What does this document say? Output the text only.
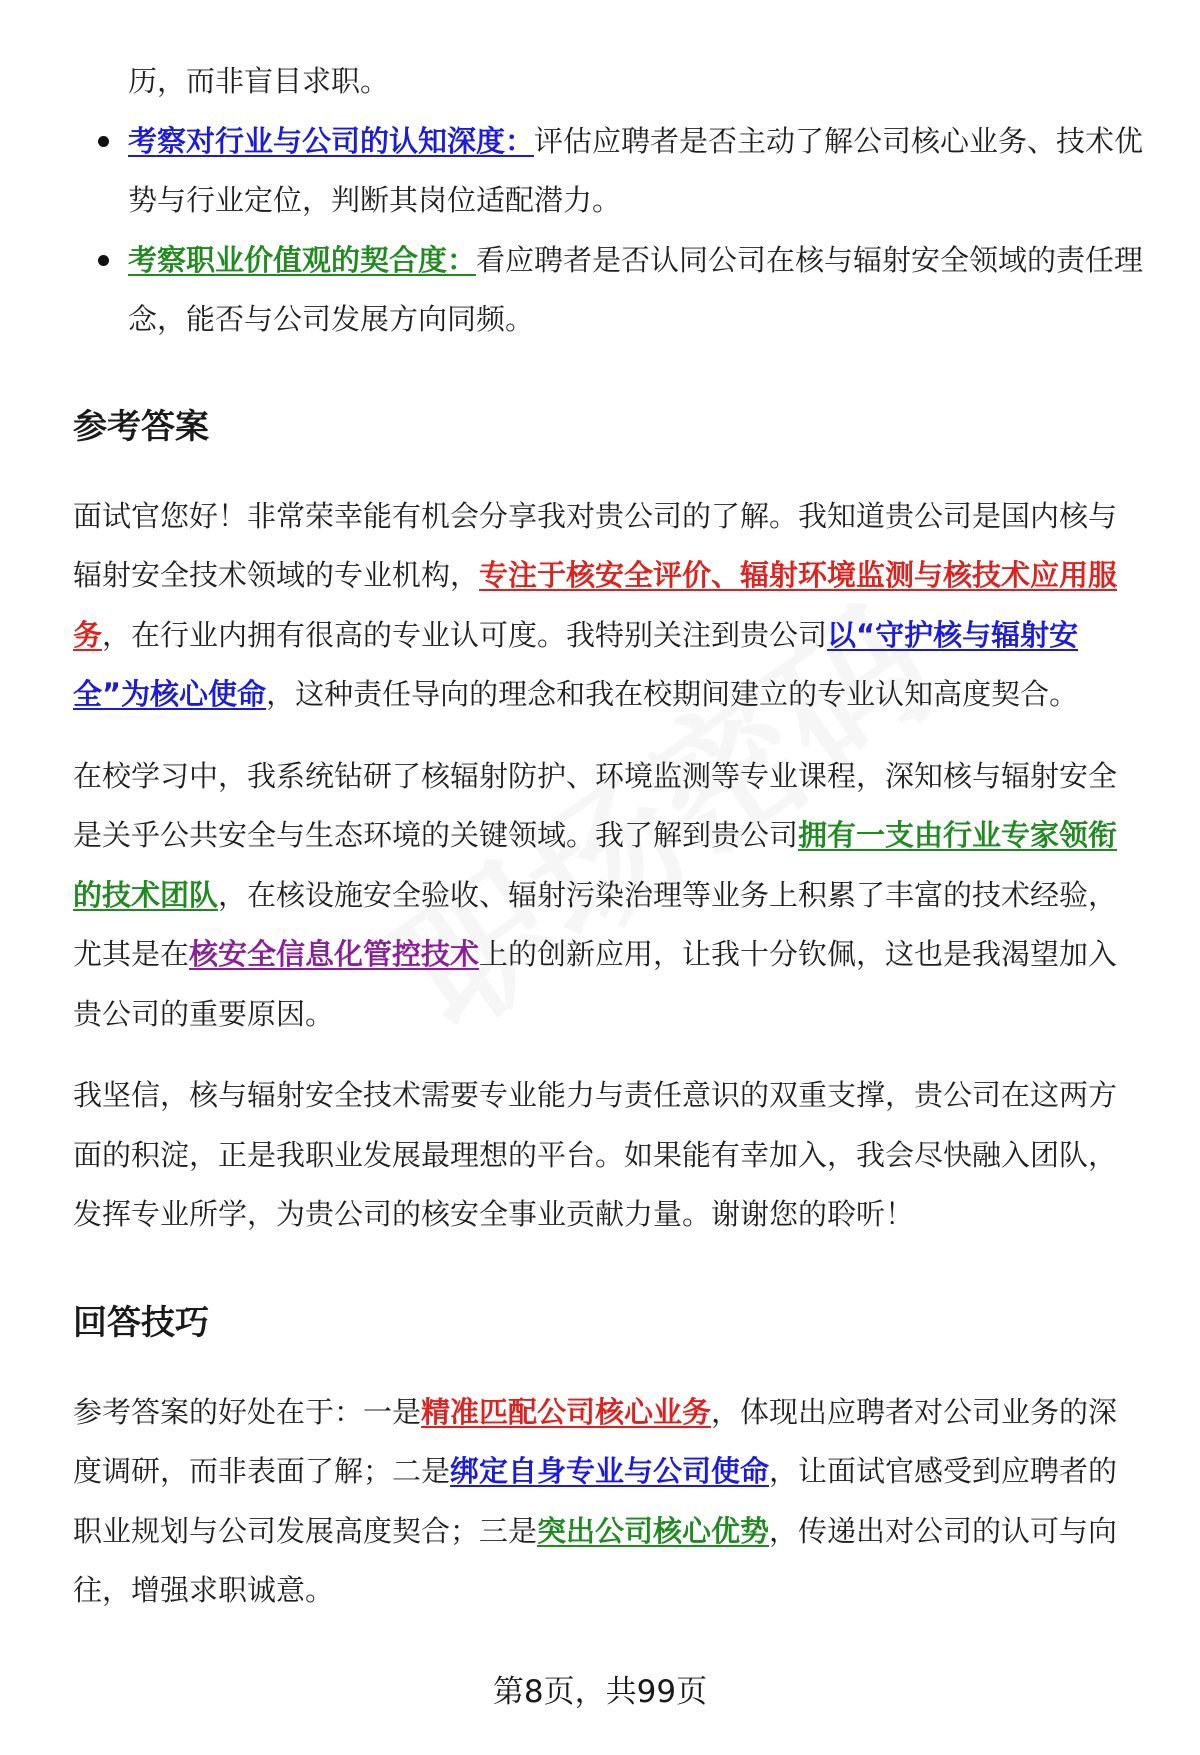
历，而非盲目求职。

考察对行业与公司的认知深度：评估应聘者是否主动了解公司核心业务、技术优势与行业定位，判断其岗位适配潜力。
考察职业价值观的契合度：看应聘者是否认同公司在核与辐射安全领域的责任理念，能否与公司发展方向同频。
参考答案

面试官您好！非常荣幸能有机会分享我对贵公司的了解。我知道贵公司是国内核与辐射安全技术领域的专业机构，专注于核安全评价、辐射环境监测与核技术应用服务，在行业内拥有很高的专业认可度。我特别关注到贵公司以“守护核与辐射安全”为核心使命，这种责任导向的理念和我在校期间建立的专业认知高度契合。

在校学习中，我系统钻研了核辐射防护、环境监测等专业课程，深知核与辐射安全是关乎公共安全与生态环境的关键领域。我了解到贵公司拥有一支由行业专家领衔的技术团队，在核设施安全验收、辐射污染治理等业务上积累了丰富的技术经验，尤其是在核安全信息化管控技术上的创新应用，让我十分钦佩，这也是我渴望加入贵公司的重要原因。

我坚信，核与辐射安全技术需要专业能力与责任意识的双重支撑，贵公司在这两方面的积淀，正是我职业发展最理想的平台。如果能有幸加入，我会尽快融入团队，发挥专业所学，为贵公司的核安全事业贡献力量。谢谢您的聆听！

回答技巧

参考答案的好处在于：一是精准匹配公司核心业务，体现出应聘者对公司业务的深度调研，而非表面了解；二是绑定自身专业与公司使命，让面试官感受到应聘者的职业规划与公司发展高度契合；三是突出公司核心优势，传递出对公司的认可与向往，增强求职诚意。

第8页，共99页
